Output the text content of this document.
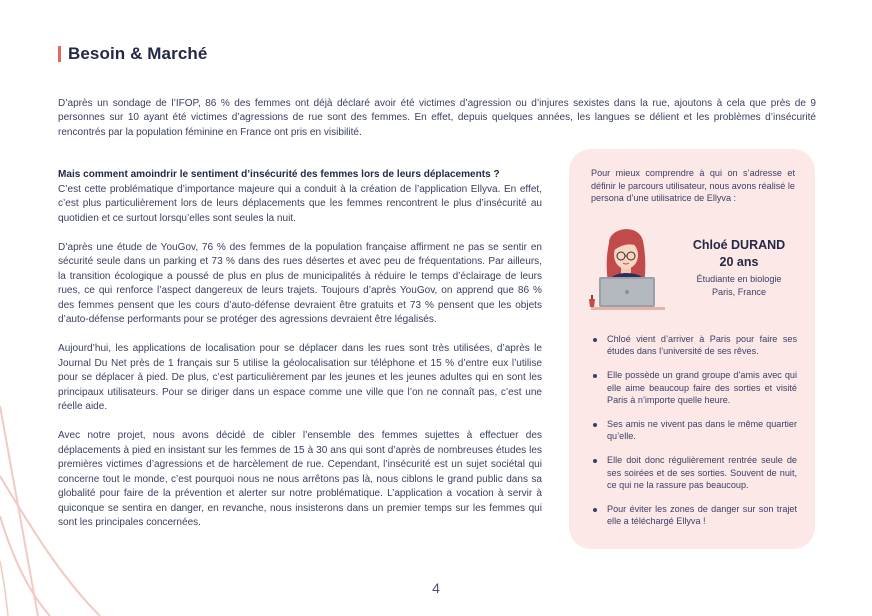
Besoin & Marché

D’après un sondage de l’IFOP, 86 % des femmes ont déjà déclaré avoir été victimes d’agression ou d’injures sexistes dans la rue, ajoutons à cela que près de 9 personnes sur 10 ayant été victimes d’agressions de rue sont des femmes. En effet, depuis quelques années, les langues se délient et les problèmes d’insécurité rencontrés par la population féminine en France ont pris en visibilité.

Mais comment amoindrir le sentiment d’insécurité des femmes lors de leurs déplacements ?

C’est cette problématique d’importance majeure qui a conduit à la création de l’application Ellyva. En effet, c’est plus particulièrement lors de leurs déplacements que les femmes rencontrent le plus d’insécurité au quotidien et ce surtout lorsqu’elles sont seules la nuit.

D’après une étude de YouGov, 76 % des femmes de la population française affirment ne pas se sentir en sécurité seule dans un parking et 73 % dans des rues désertes et avec peu de fréquentations. Par ailleurs, la transition écologique a poussé de plus en plus de municipalités à réduire le temps d’éclairage de leurs rues, ce qui renforce l’aspect dangereux de leurs trajets. Toujours d’après YouGov, on apprend que 86 % des femmes pensent que les cours d’auto-défense devraient être gratuits et 73 % pensent que les objets d’auto-défense performants pour se protéger des agressions devraient être légalisés.

Aujourd’hui, les applications de localisation pour se déplacer dans les rues sont très utilisées, d’après le Journal Du Net près de 1 français sur 5 utilise la géolocalisation sur téléphone et 15 % d’entre eux l’utilise pour se déplacer à pied. De plus, c’est particulièrement par les jeunes et les jeunes adultes qui en sont les principaux utilisateurs. Pour se diriger dans un espace comme une ville que l’on ne connaît pas, c’est une réelle aide.

Avec notre projet, nous avons décidé de cibler l’ensemble des femmes sujettes à effectuer des déplacements à pied en insistant sur les femmes de 15 à 30 ans qui sont d’après de nombreuses études les premières victimes d’agressions et de harcèlement de rue. Cependant, l’insécurité est un sujet sociétal qui concerne tout le monde, c’est pourquoi nous ne nous arrêtons pas là, nous ciblons le grand public dans sa globalité pour faire de la prévention et alerter sur notre problématique. L’application a vocation à servir à quiconque se sentira en danger, en revanche, nous insisterons dans un premier temps sur les femmes qui sont les principales concernées.

Pour mieux comprendre à qui on s’adresse et définir le parcours utilisateur, nous avons réalisé le persona d’une utilisatrice de Ellyva :

Chloé DURAND
20 ans
Étudiante en biologie
Paris, France
Chloé vient d’arriver à Paris pour faire ses études dans l’université de ses rêves.
Elle possède un grand groupe d’amis avec qui elle aime beaucoup faire des sorties et visité Paris à n’importe quelle heure.
Ses amis ne vivent pas dans le même quartier qu’elle.
Elle doit donc régulièrement rentrée seule de ses soirées et de ses sorties. Souvent de nuit, ce qui ne la rassure pas beaucoup.
Pour éviter les zones de danger sur son trajet elle a téléchargé Ellyva !
4
